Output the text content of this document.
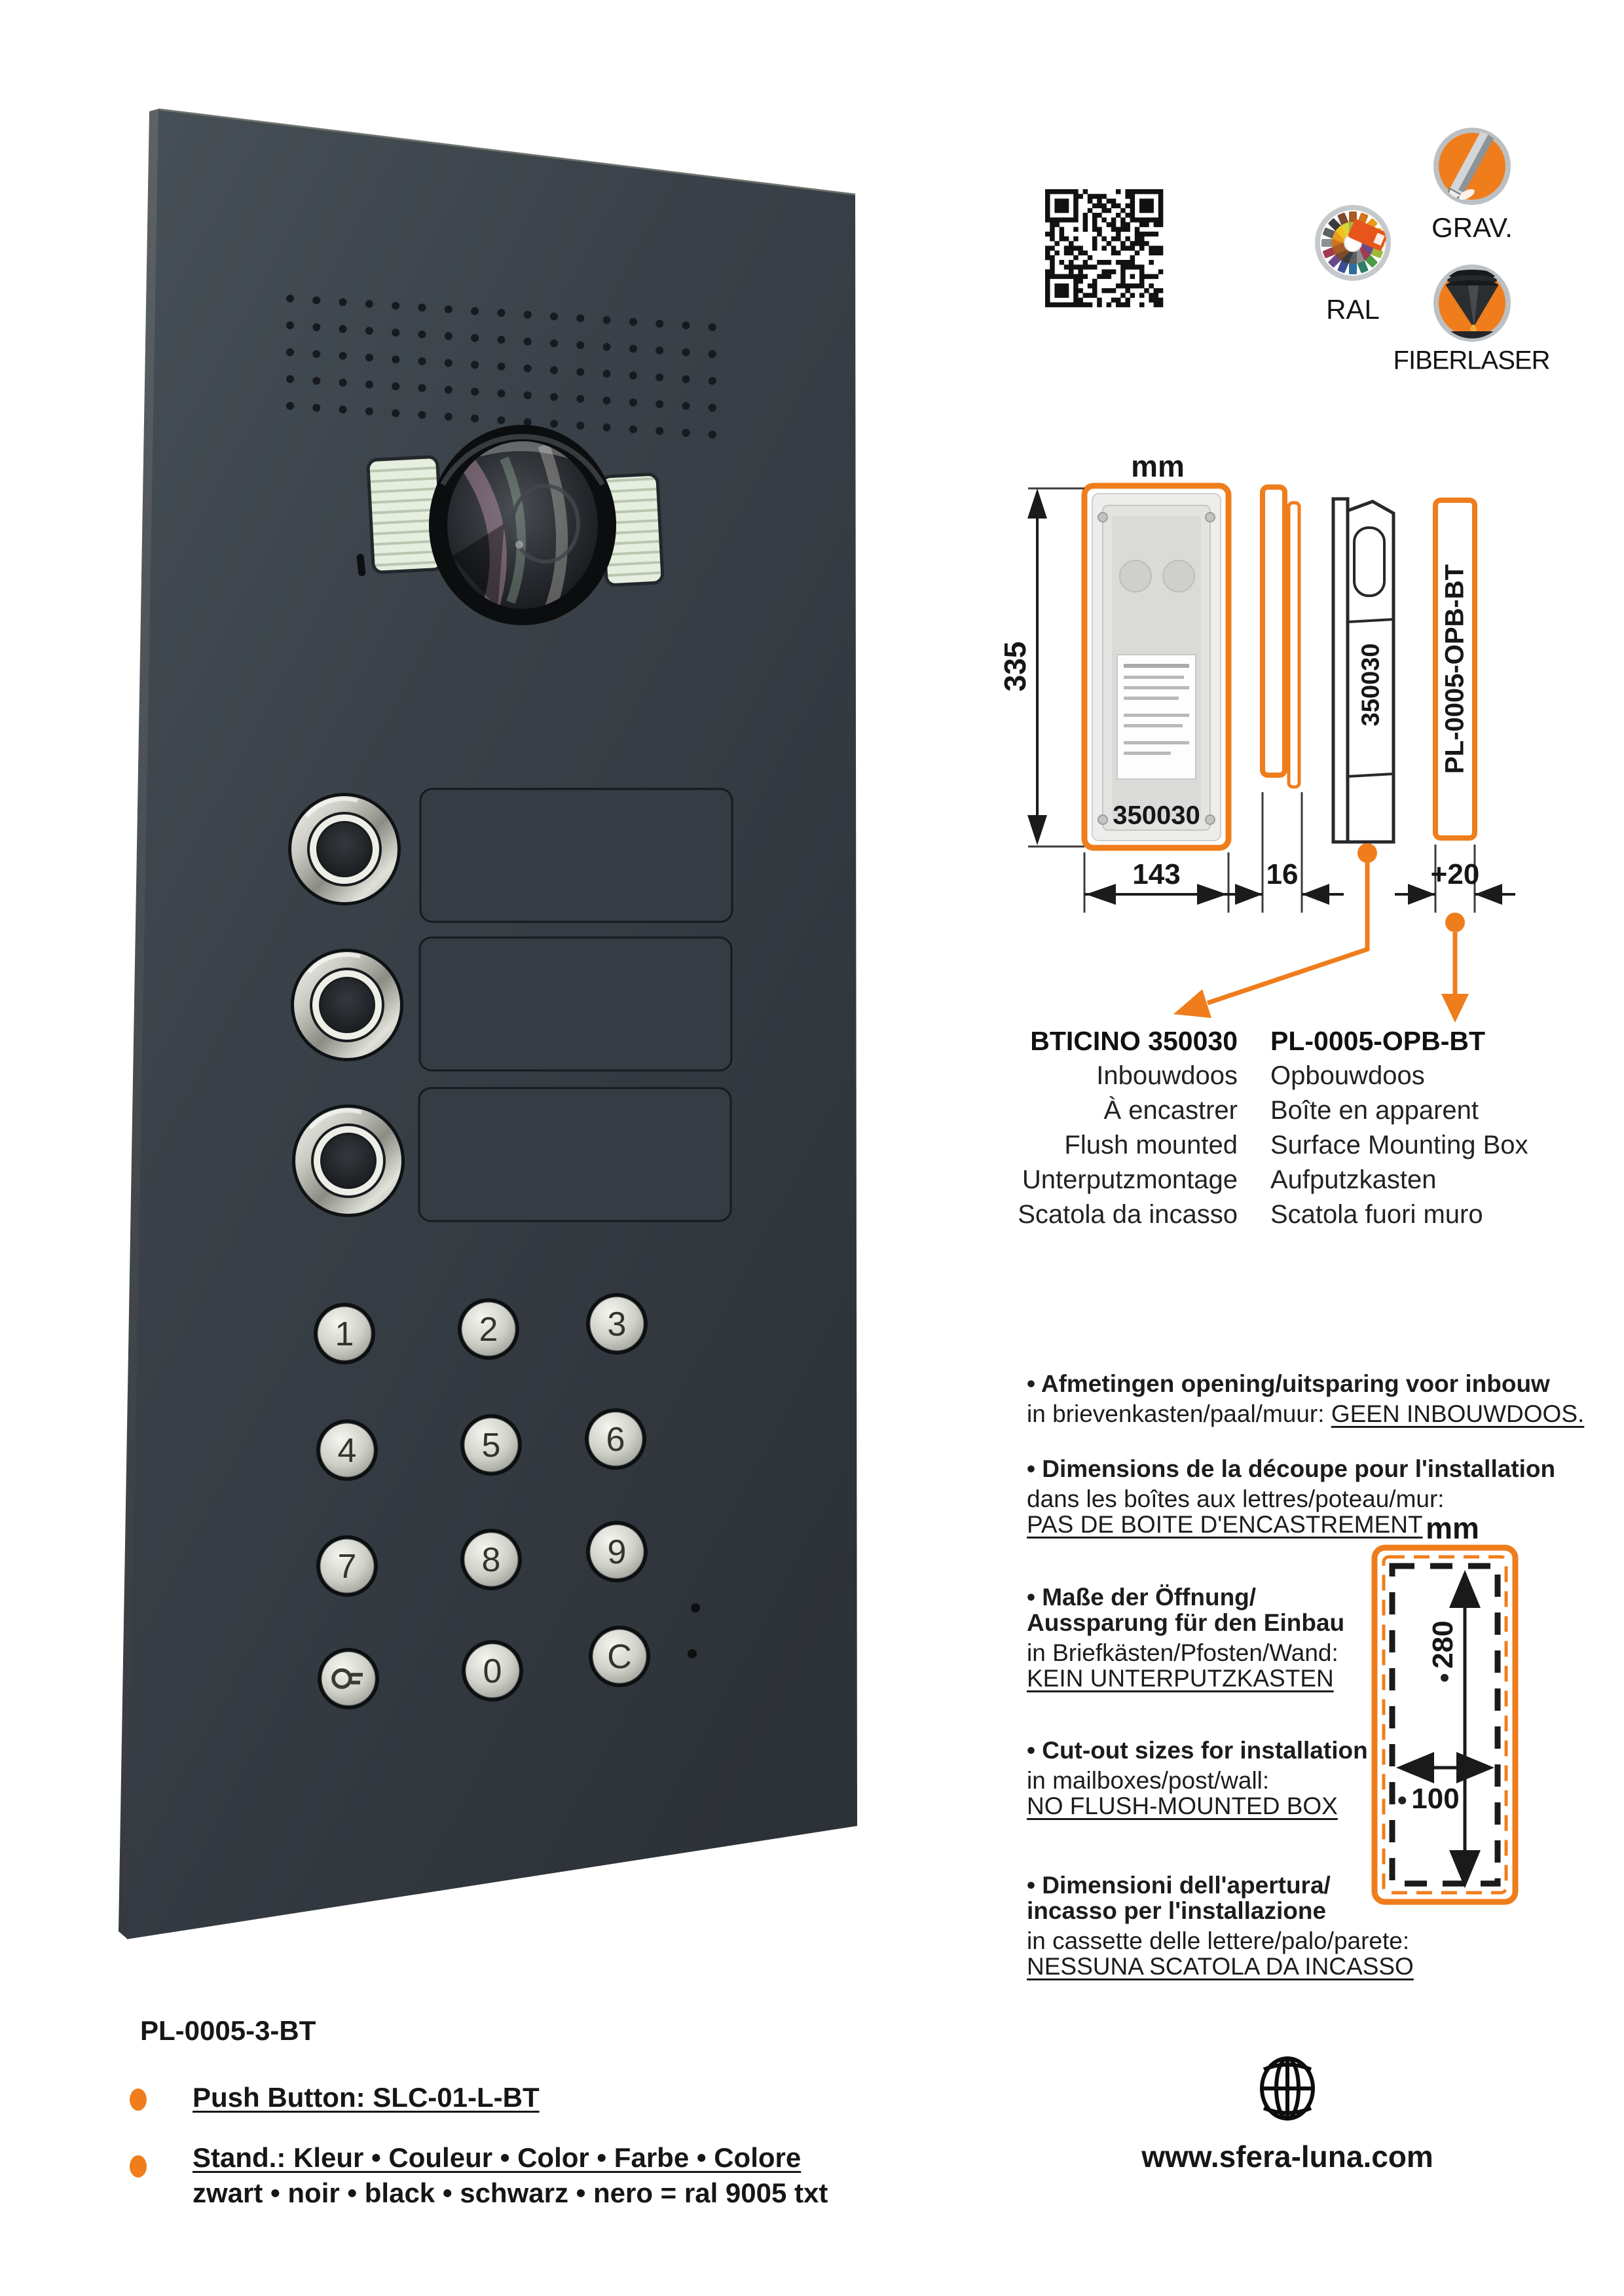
1	2	3
4	5	6
7	8	9
0	C
mm
335
143	16	+20
350030
350030 PL-0005-OPB-BT
BTICINO 350030
Inbouwdoos
À encastrer
Flush mounted
Unterputzmontage
Scatola da incasso
PL-0005-OPB-BT
Opbouwdoos
Boîte en apparent
Surface Mounting Box
Aufputzkasten
Scatola fuori muro
• Afmetingen opening/uitsparing voor inbouw
in brievenkasten/paal/muur: GEEN INBOUWDOOS.
• Dimensions de la découpe pour l'installation
dans les boîtes aux lettres/poteau/mur:
PAS DE BOITE D'ENCASTREMENT
• Maße der Öffnung/
Aussparung für den Einbau
in Briefkästen/Pfosten/Wand:
KEIN UNTERPUTZKASTEN
• Cut-out sizes for installation
in mailboxes/post/wall:
NO FLUSH-MOUNTED BOX
• Dimensioni dell'apertura/
incasso per l'installazione
in cassette delle lettere/palo/parete:
NESSUNA SCATOLA DA INCASSO
mm
280
100
PL-0005-3-BT
Push Button: SLC-01-L-BT
Stand.: Kleur • Couleur • Color • Farbe • Colore
zwart • noir • black • schwarz • nero = ral 9005 txt
GRAV.
RAL
FIBERLASER
www.sfera-luna.com
